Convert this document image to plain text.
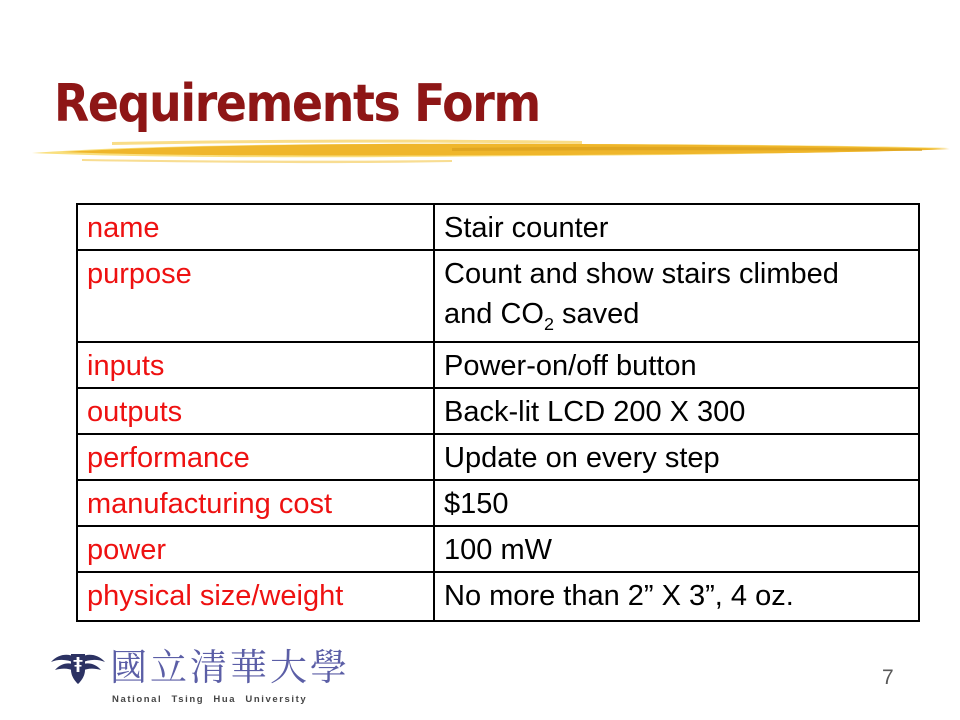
Requirements Form
name	Stair counter
purpose	Count and show stairs climbed
and $CO_2$ saved
inputs	Power-on/off button
outputs	Back-lit LCD 200 X 300
performance	Update on every step
manufacturing cost	$150
power	100 mW
physical size/weight	No more than 2” X 3”, 4 oz.
國立清華大學
National Tsing Hua University
7
